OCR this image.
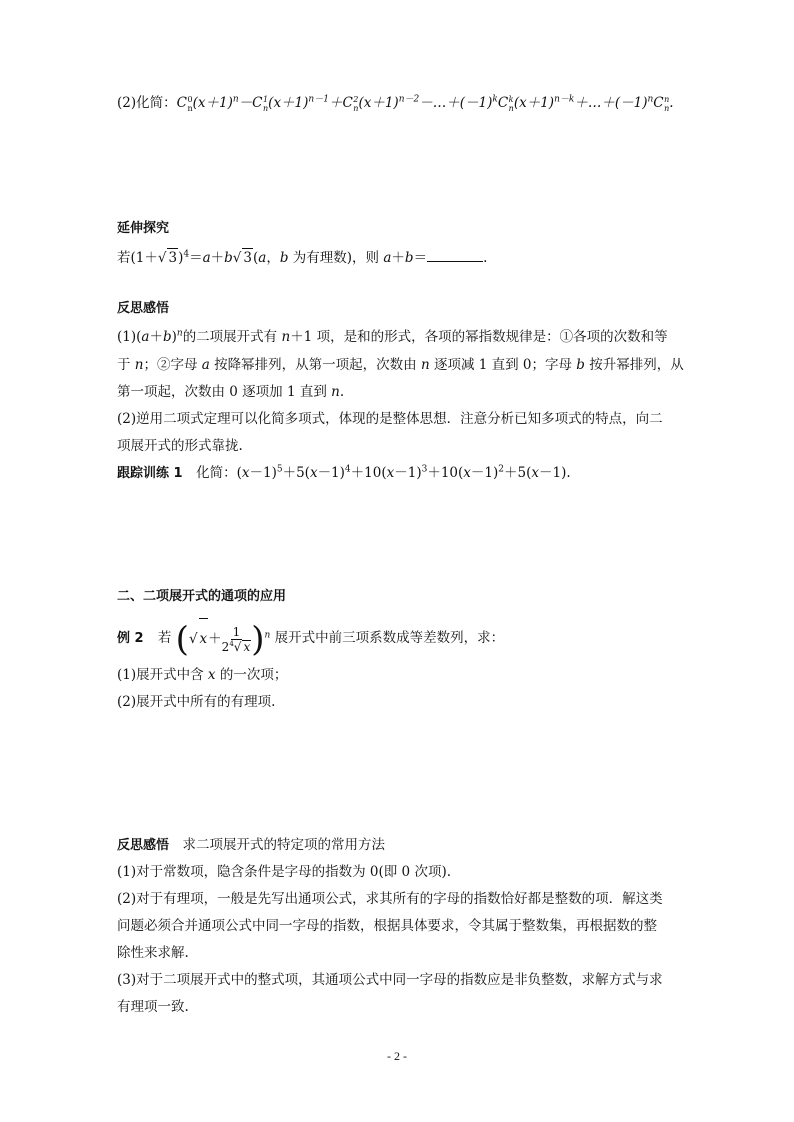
(2)化简：C 0
n $(x+1)^n-C$ 1
n $(x+1)^{n-1}+C$ 2
n $(x+1)^{n-2}-\dots+(-1)^kC$ k
n $(x+1)^{n-k}+\dots+(-1)^nC$ n
n .
延伸探究
若(1＋√ 3)$^4$＝a＋b√ 3(a，b 为有理数)，则 a＋b＝	.
反思感悟
$(1)(a+b)^n$的二项展开式有 n＋1 项，是和的形式，各项的幂指数规律是：①各项的次数和等
于 n；②字母 a 按降幂排列，从第一项起，次数由 n 逐项减 1 直到 0；字母 b 按升幂排列，从
第一项起，次数由 0 逐项加 1 直到 n.
(2)逆用二项式定理可以化简多项式，体现的是整体思想．注意分析已知多项式的特点，向二
项展开式的形式靠拢.
跟踪训练 1　化简：$(x-1)^5+5(x-1)^4+10(x-1)^3+10(x-1)^2+5(x-1)$.
二、二项展开式的通项的应用
例 2 若 (√ $x+ \frac{1}{2^4√ x} )^n$ 展开式中前三项系数成等差数列，求：
(1)展开式中含 x 的一次项；
(2)展开式中所有的有理项.
反思感悟　 求二项展开式的特定项的常用方法
(1)对于常数项，隐含条件是字母的指数为 0(即 0 次项).
(2)对于有理项，一般是先写出通项公式，求其所有的字母的指数恰好都是整数的项．解这类
问题必须合并通项公式中同一字母的指数，根据具体要求，令其属于整数集，再根据数的整
除性来求解.
(3)对于二项展开式中的整式项，其通项公式中同一字母的指数应是非负整数，求解方式与求
有理项一致.
- 2 -
